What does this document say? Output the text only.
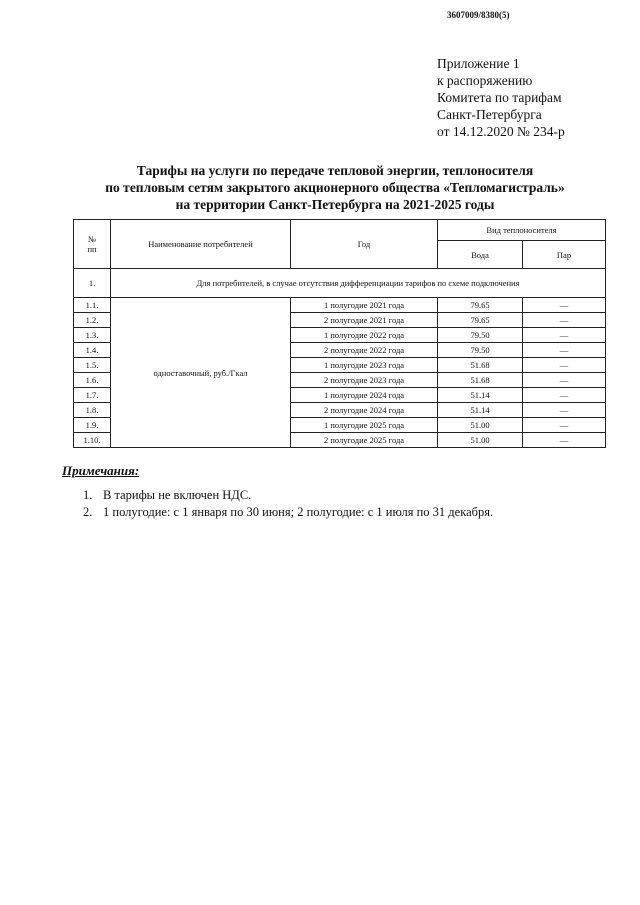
3607009/8380(5)
Приложение 1
к распоряжению
Комитета по тарифам
Санкт-Петербурга
от 14.12.2020 № 234-р
Тарифы на услуги по передаче тепловой энергии, теплоносителя
по тепловым сетям закрытого акционерного общества «Тепломагистраль»
на территории Санкт-Петербурга на 2021-2025 годы
№
пп	Наименование потребителей	Год	Вид теплоносителя	
			Вода	Пар
1.	Для потребителей, в случае отсутствия дифференциации тарифов по схеме подключения			
1.1.	одноставочный, руб./Гкал	1 полугодие 2021 года	79.65	—
1.2.		2 полугодие 2021 года	79.65	—
1.3.		1 полугодие 2022 года	79.50	—
1.4.		2 полугодие 2022 года	79.50	—
1.5.		1 полугодие 2023 года	51.68	—
1.6.		2 полугодие 2023 года	51.68	—
1.7.		1 полугодие 2024 года	51.14	—
1.8.		2 полугодие 2024 года	51.14	—
1.9.		1 полугодие 2025 года	51.00	—
1.10.		2 полугодие 2025 года	51.00	—
Примечания:
1. В тарифы не включен НДС.
2. 1 полугодие: с 1 января по 30 июня; 2 полугодие: с 1 июля по 31 декабря.
